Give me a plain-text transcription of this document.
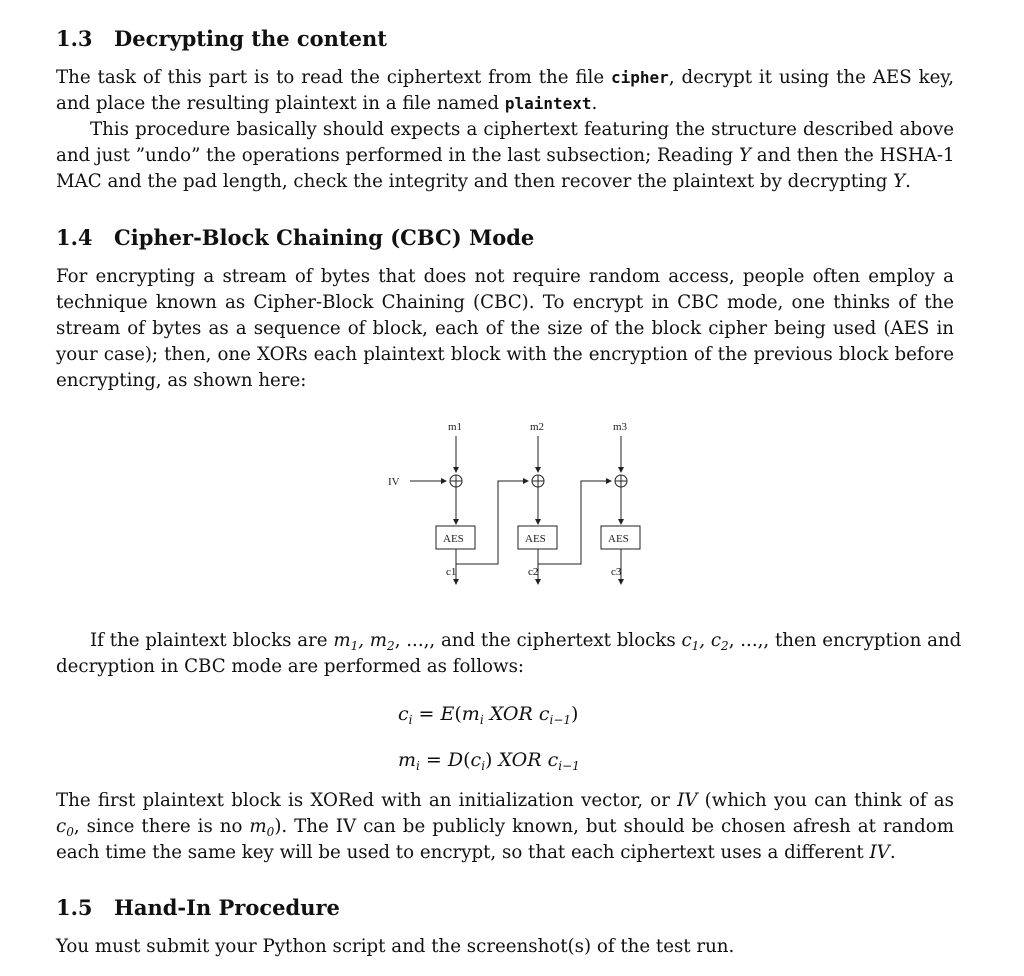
1.3 Decrypting the content
The task of this part is to read the ciphertext from the file cipher, decrypt it using the AES key,
and place the resulting plaintext in a file named plaintext.
This procedure basically should expects a ciphertext featuring the structure described above
and just ”undo” the operations performed in the last subsection; Reading Y and then the HSHA-1
MAC and the pad length, check the integrity and then recover the plaintext by decrypting Y.
1.4 Cipher-Block Chaining (CBC) Mode
For encrypting a stream of bytes that does not require random access, people often employ a
technique known as Cipher-Block Chaining (CBC). To encrypt in CBC mode, one thinks of the
stream of bytes as a sequence of block, each of the size of the block cipher being used (AES in
your case); then, one XORs each plaintext block with the encryption of the previous block before
encrypting, as shown here:
IV
m1	m2	m3
AES	AES	AES
c1	c2	c3
If the plaintext blocks are $m_1$, $m_2$, ...,, and the ciphertext blocks $c_1$, $c_2$, ...,, then encryption and
decryption in CBC mode are performed as follows:
$c_i = E(m_i$ XOR $c_{i-1}$)
$m_i = D(c_i)$ XOR $c_{i-1}$
The first plaintext block is XORed with an initialization vector, or IV (which you can think of as
$c_0$, since there is no $m_0$). The IV can be publicly known, but should be chosen afresh at random
each time the same key will be used to encrypt, so that each ciphertext uses a different IV.
1.5 Hand-In Procedure
You must submit your Python script and the screenshot(s) of the test run.
